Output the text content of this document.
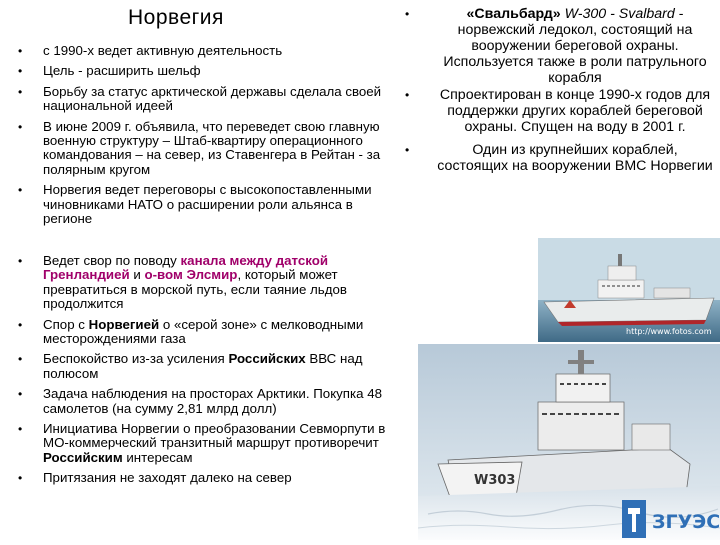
Норвегия
• с 1990-х ведет активную деятельность
• Цель - расширить шельф
• Борьбу за статус арктической державы сделала своей национальной идеей
• В июне 2009 г. объявила, что переведет свою главную военную структуру – Штаб-квартиру операционного командования – на север, из Ставенгера в Рейтан - за полярным кругом
• Норвегия ведет переговоры с высокопоставленными чиновниками НАТО о расширении роли альянса в регионе
• Ведет свор по поводу канала между датской Гренландией и о-вом Элсмир, который может превратиться в морской путь, если таяние льдов продолжится
• Спор с Норвегией о «серой зоне» с мелководными месторождениями газа
• Беспокойство из-за усиления Российских ВВС над полюсом
• Задача наблюдения на просторах Арктики. Покупка 48 самолетов (на сумму 2,81 млрд долл)
• Инициатива Норвегии о преобразовании Севморпути в МО-коммерческий транзитный маршрут противоречит Российским интересам
• Притязания не заходят далеко на север
•	«Свальбард» W-300 - Svalbard - норвежский ледокол, состоящий на вооружении береговой охраны. Используется также в роли патрульного корабля
• Спроектирован в конце 1990-х годов для поддержки других кораблей береговой охраны. Спущен на воду в 2001 г.
•	Один из крупнейших кораблей, состоящих на вооружении ВМС Норвегии
http://www.fotos.com
W303
ЗГУЭС
